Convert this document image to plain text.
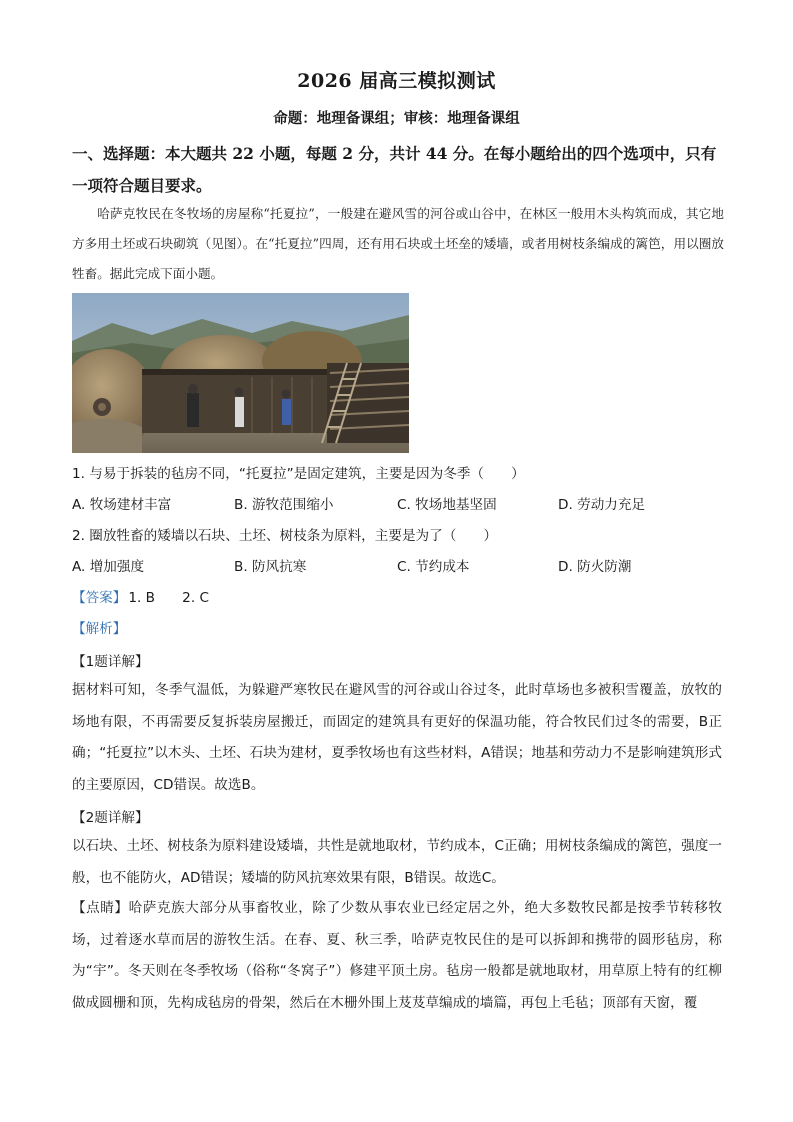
2026 届高三模拟测试
命题：地理备课组；审核：地理备课组
一、选择题：本大题共 22 小题，每题 2 分，共计 44 分。在每小题给出的四个选项中，只有一项符合题目要求。
哈萨克牧民在冬牧场的房屋称“托夏拉”，一般建在避风雪的河谷或山谷中，在林区一般用木头构筑而成，其它地方多用土坯或石块砌筑（见图）。在“托夏拉”四周，还有用石块或土坯垒的矮墙，或者用树枝条编成的篱笆，用以圈放牲畜。据此完成下面小题。
1. 与易于拆装的毡房不同，“托夏拉”是固定建筑，主要是因为冬季（　　）
A. 牧场建材丰富	B. 游牧范围缩小	C. 牧场地基坚固	D. 劳动力充足
2. 圈放牲畜的矮墙以石块、土坯、树枝条为原料，主要是为了（　　）
A. 增加强度	B. 防风抗寒	C. 节约成本	D. 防火防潮
【答案】 1. B　　2. C
【解析】
【1题详解】
据材料可知，冬季气温低，为躲避严寒牧民在避风雪的河谷或山谷过冬，此时草场也多被积雪覆盖，放牧的场地有限，不再需要反复拆装房屋搬迁，而固定的建筑具有更好的保温功能，符合牧民们过冬的需要，B正确；“托夏拉”以木头、土坯、石块为建材，夏季牧场也有这些材料，A错误；地基和劳动力不是影响建筑形式的主要原因，CD错误。故选B。
【2题详解】
以石块、土坯、树枝条为原料建设矮墙，共性是就地取材，节约成本，C正确；用树枝条编成的篱笆，强度一般，也不能防火，AD错误；矮墙的防风抗寒效果有限，B错误。故选C。
【点睛】哈萨克族大部分从事畜牧业，除了少数从事农业已经定居之外，绝大多数牧民都是按季节转移牧场，过着逐水草而居的游牧生活。在春、夏、秋三季，哈萨克牧民住的是可以拆卸和携带的圆形毡房，称为“宇”。冬天则在冬季牧场（俗称“冬窝子”）修建平顶土房。毡房一般都是就地取材，用草原上特有的红柳做成圆栅和顶，先构成毡房的骨架，然后在木栅外围上芨芨草编成的墙篇，再包上毛毡；顶部有天窗，覆
